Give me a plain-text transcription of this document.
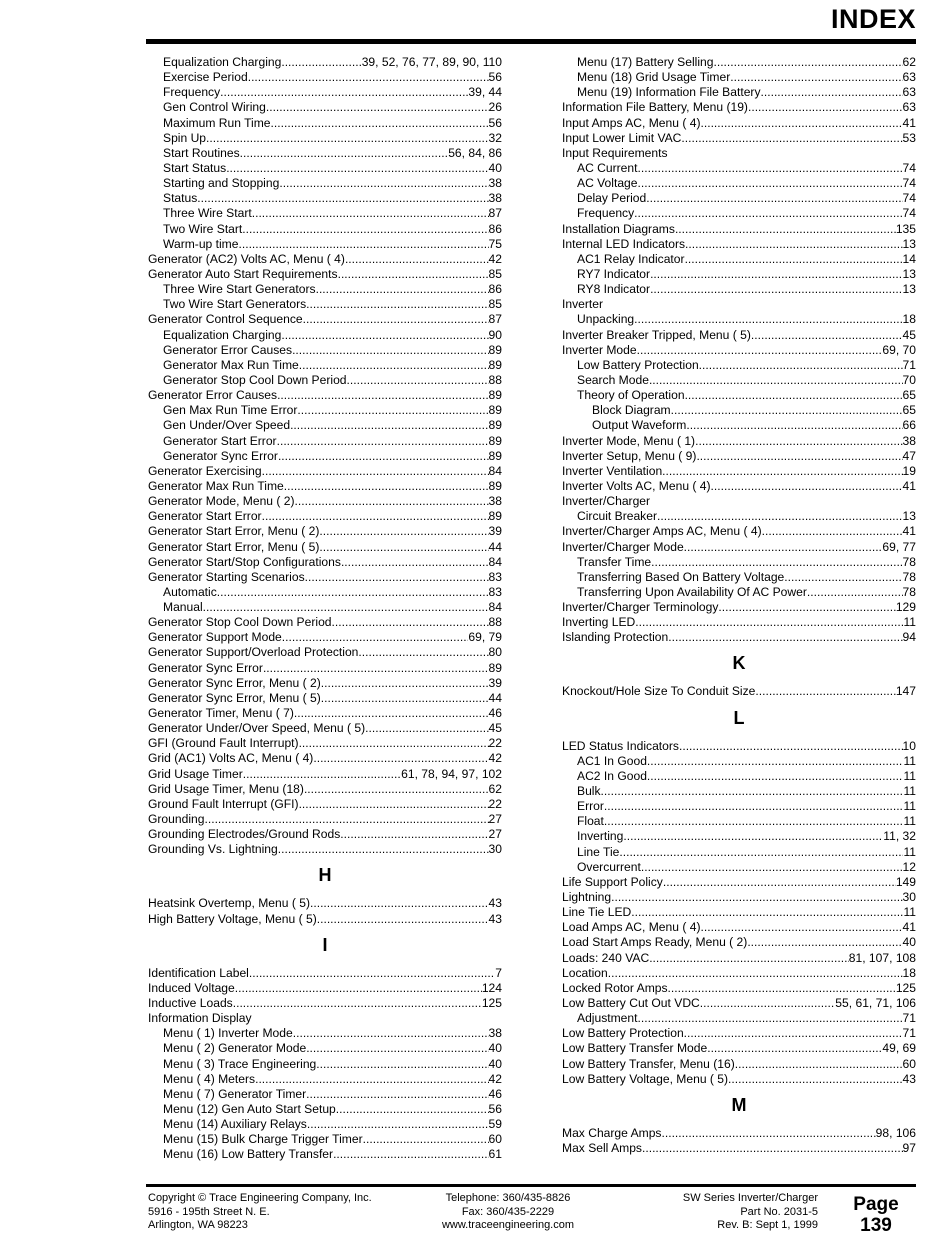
INDEX
Equalization Charging .....	39, 52, 76, 77, 89, 90, 110
Exercise Period .....	56
Frequency .....	39, 44
Gen Control Wiring .....	26
Maximum Run Time .....	56
Spin Up .....	32
Start Routines .....	56, 84, 86
Start Status .....	40
Starting and Stopping .....	38
Status .....	38
Three Wire Start .....	87
Two Wire Start .....	86
Warm-up time .....	75
Generator (AC2) Volts AC, Menu ( 4) .....	42
Generator Auto Start Requirements .....	85
Three Wire Start Generators .....	86
Two Wire Start Generators .....	85
Generator Control Sequence .....	87
Equalization Charging .....	90
Generator Error Causes .....	89
Generator Max Run Time .....	89
Generator Stop Cool Down Period .....	88
Generator Error Causes .....	89
Gen Max Run Time Error .....	89
Gen Under/Over Speed .....	89
Generator Start Error .....	89
Generator Sync Error .....	89
Generator Exercising .....	84
Generator Max Run Time .....	89
Generator Mode, Menu ( 2) .....	38
Generator Start Error .....	89
Generator Start Error, Menu ( 2) .....	39
Generator Start Error, Menu ( 5) .....	44
Generator Start/Stop Configurations .....	84
Generator Starting Scenarios .....	83
Automatic .....	83
Manual .....	84
Generator Stop Cool Down Period .....	88
Generator Support Mode .....	69, 79
Generator Support/Overload Protection .....	80
Generator Sync Error .....	89
Generator Sync Error, Menu ( 2) .....	39
Generator Sync Error, Menu ( 5) .....	44
Generator Timer, Menu ( 7) .....	46
Generator Under/Over Speed, Menu ( 5) .....	45
GFI (Ground Fault Interrupt) .....	22
Grid (AC1) Volts AC, Menu ( 4) .....	42
Grid Usage Timer .....	61, 78, 94, 97, 102
Grid Usage Timer, Menu (18) .....	62
Ground Fault Interrupt (GFI) .....	22
Grounding .....	27
Grounding Electrodes/Ground Rods .....	27
Grounding Vs. Lightning .....	30
H
Heatsink Overtemp, Menu ( 5) .....	43
High Battery Voltage, Menu ( 5) .....	43
I
Identification Label .....	7
Induced Voltage .....	124
Inductive Loads .....	125
Information Display
Menu ( 1) Inverter Mode .....	38
Menu ( 2) Generator Mode .....	40
Menu ( 3) Trace Engineering .....	40
Menu ( 4) Meters .....	42
Menu ( 7) Generator Timer .....	46
Menu (12) Gen Auto Start Setup .....	56
Menu (14) Auxiliary Relays .....	59
Menu (15) Bulk Charge Trigger Timer .....	60
Menu (16) Low Battery Transfer .....	61
Menu (17) Battery Selling .....	62
Menu (18) Grid Usage Timer .....	63
Menu (19) Information File Battery .....	63
Information File Battery, Menu (19) .....	63
Input Amps AC, Menu ( 4) .....	41
Input Lower Limit VAC .....	53
Input Requirements
AC Current .....	74
AC Voltage .....	74
Delay Period .....	74
Frequency .....	74
Installation Diagrams .....	135
Internal LED Indicators .....	13
AC1 Relay Indicator .....	14
RY7 Indicator .....	13
RY8 Indicator .....	13
Inverter
Unpacking .....	18
Inverter Breaker Tripped, Menu ( 5) .....	45
Inverter Mode .....	69, 70
Low Battery Protection .....	71
Search Mode .....	70
Theory of Operation .....	65
Block Diagram .....	65
Output Waveform .....	66
Inverter Mode, Menu ( 1) .....	38
Inverter Setup, Menu ( 9) .....	47
Inverter Ventilation .....	19
Inverter Volts AC, Menu ( 4) .....	41
Inverter/Charger
Circuit Breaker .....	13
Inverter/Charger Amps AC, Menu ( 4) .....	41
Inverter/Charger Mode .....	69, 77
Transfer Time .....	78
Transferring Based On Battery Voltage .....	78
Transferring Upon Availability Of AC Power .....	78
Inverter/Charger Terminology .....	129
Inverting LED .....	11
Islanding Protection .....	94
K
Knockout/Hole Size To Conduit Size .....	147
L
LED Status Indicators .....	10
AC1 In Good .....	11
AC2 In Good .....	11
Bulk .....	11
Error .....	11
Float .....	11
Inverting .....	11, 32
Line Tie .....	11
Overcurrent .....	12
Life Support Policy .....	149
Lightning .....	30
Line Tie LED .....	11
Load Amps AC, Menu ( 4) .....	41
Load Start Amps Ready, Menu ( 2) .....	40
Loads: 240 VAC .....	81, 107, 108
Location .....	18
Locked Rotor Amps .....	125
Low Battery Cut Out VDC .....	55, 61, 71, 106
Adjustment .....	71
Low Battery Protection .....	71
Low Battery Transfer Mode .....	49, 69
Low Battery Transfer, Menu (16) .....	60
Low Battery Voltage, Menu ( 5) .....	43
M
Max Charge Amps .....	98, 106
Max Sell Amps .....	97
Copyright © Trace Engineering Company, Inc.
5916 - 195th Street N. E.
Arlington, WA 98223
Telephone: 360/435-8826
Fax: 360/435-2229
www.traceengineering.com
SW Series Inverter/Charger
Part No. 2031-5
Rev. B: Sept 1, 1999
Page
139
